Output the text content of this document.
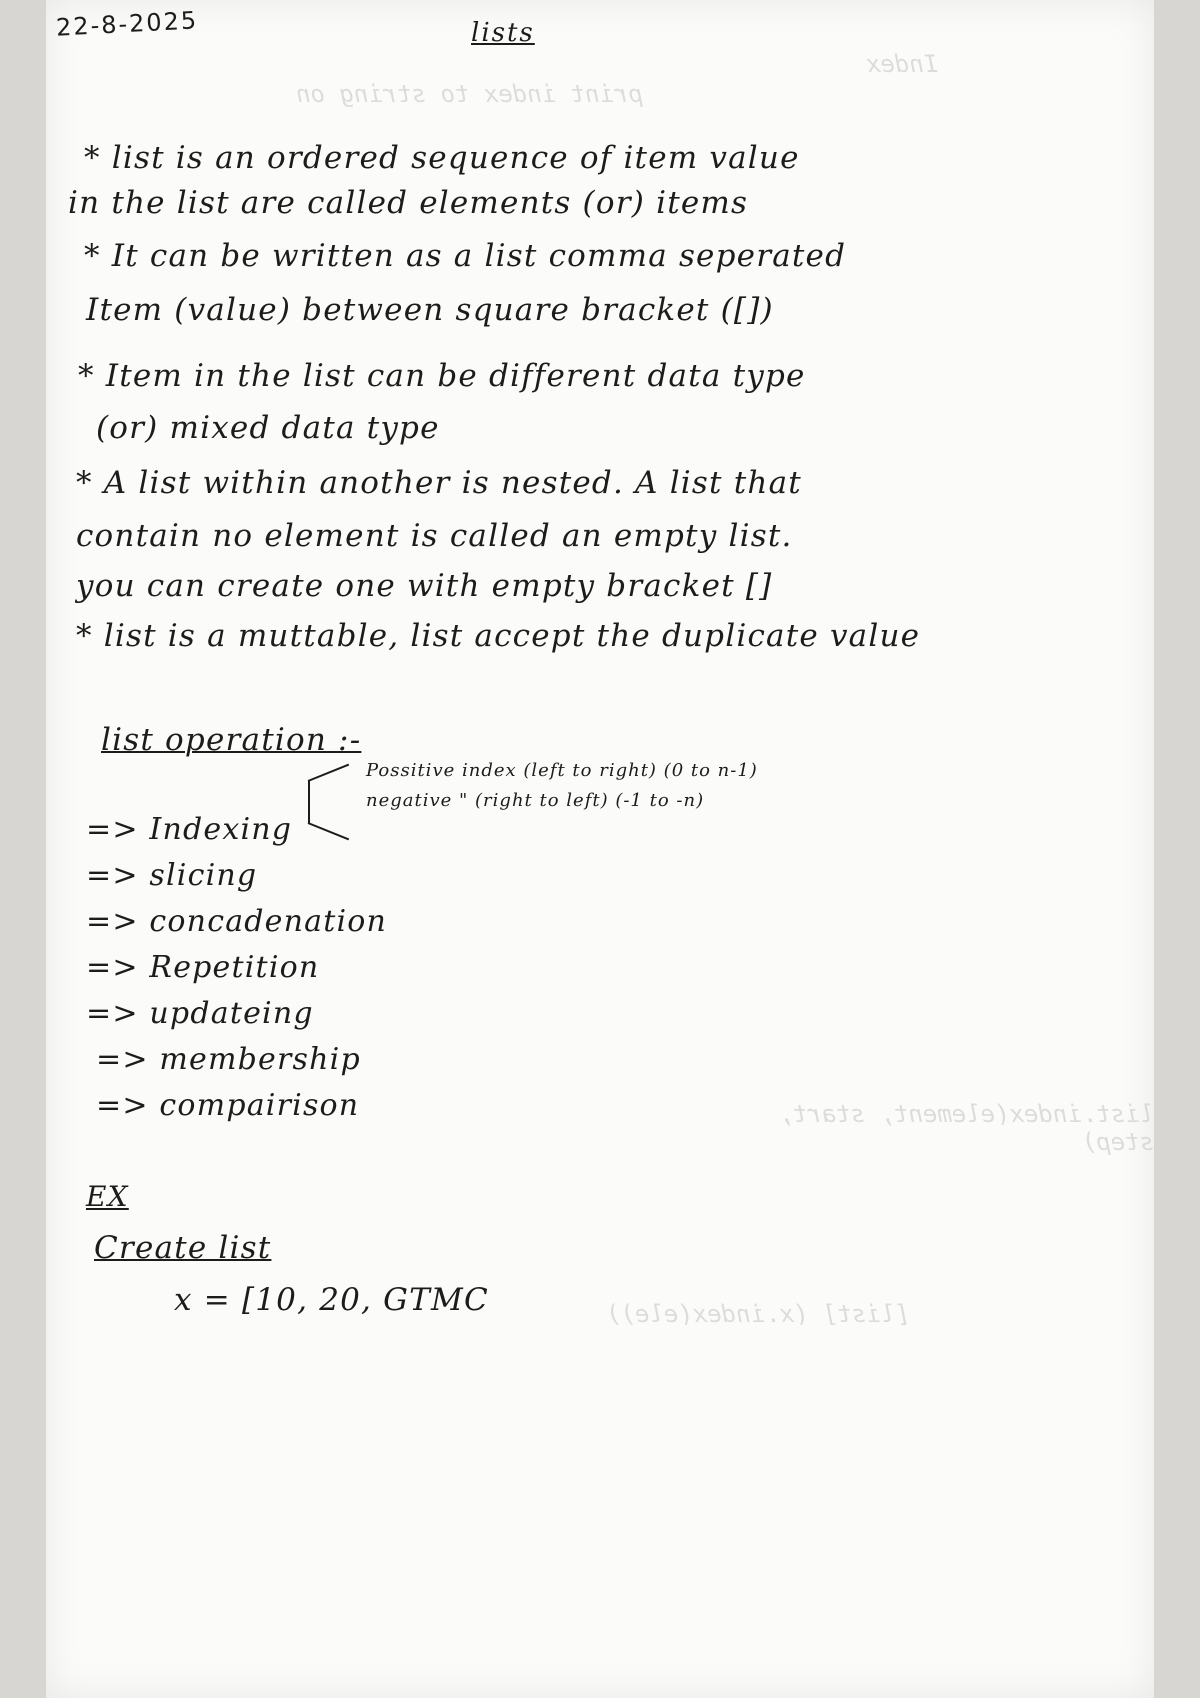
print index to string on
Index
list.index(element, start, step)
[list] (x.index(ele))
22-8-2025	lists
* list is an ordered sequence of item value
in the list are called elements (or) items
* It can be written as a list comma seperated
Item (value) between square bracket ([])
* Item in the list can be different data type
(or) mixed data type
* A list within another is nested. A list that
contain no element is called an empty list.
you can create one with empty bracket []
* list is a muttable, list accept the duplicate value
list operation :-
Possitive index (left to right) (0 to n-1)
negative " (right to left) (-1 to -n)
=> Indexing
=> slicing
=> concadenation
=> Repetition
=> updateing
=> membership
=> compairison
EX
Create list
x = [10, 20, GTMC
